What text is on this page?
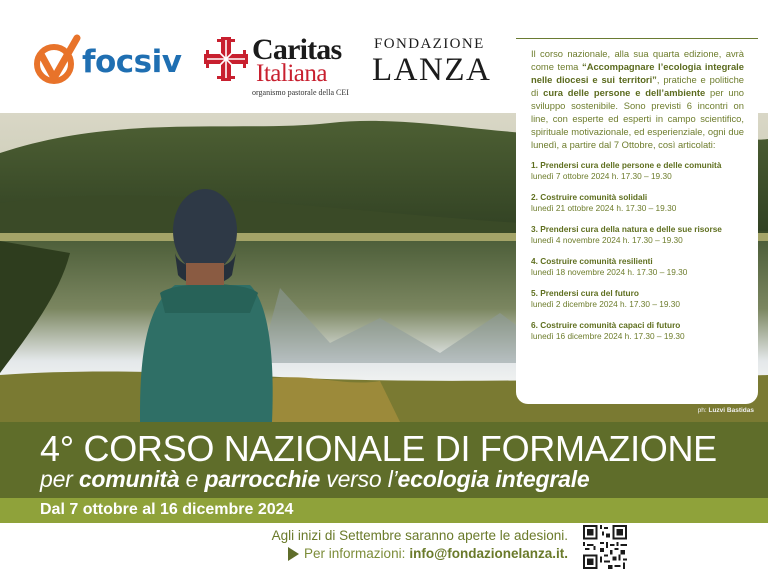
focsiv Caritas
Italiana
organismo pastorale della CEI
FONDAZIONE
LANZA
ph: Luzvi Bastidas

Il corso nazionale, alla sua quarta edizione, avrà come tema “Accompagnare l’ecologia integrale nelle diocesi e sui territori”, pratiche e politiche di cura delle persone e dell’ambiente per uno sviluppo sostenibile. Sono previsti 6 incontri on line, con esperte ed esperti in campo scientifico, spirituale motivazionale, ed esperienziale, ogni due lunedì, a partire dal 7 Ottobre, così articolati:

1. Prendersi cura delle persone e delle comunità
lunedì 7 ottobre 2024 h. 17.30 – 19.30
2. Costruire comunità solidali
lunedì 21 ottobre 2024 h. 17.30 – 19.30
3. Prendersi cura della natura e delle sue risorse
lunedì 4 novembre 2024 h. 17.30 – 19.30
4. Costruire comunità resilienti
lunedì 18 novembre 2024 h. 17.30 – 19.30
5. Prendersi cura del futuro
lunedì 2 dicembre 2024 h. 17.30 – 19.30
6. Costruire comunità capaci di futuro
lunedì 16 dicembre 2024 h. 17.30 – 19.30
4° CORSO NAZIONALE DI FORMAZIONE
per comunità e parrocchie verso l’ecologia integrale
Dal 7 ottobre al 16 dicembre 2024
Agli inizi di Settembre saranno aperte le adesioni.
Per informazioni: info@fondazionelanza.it.
